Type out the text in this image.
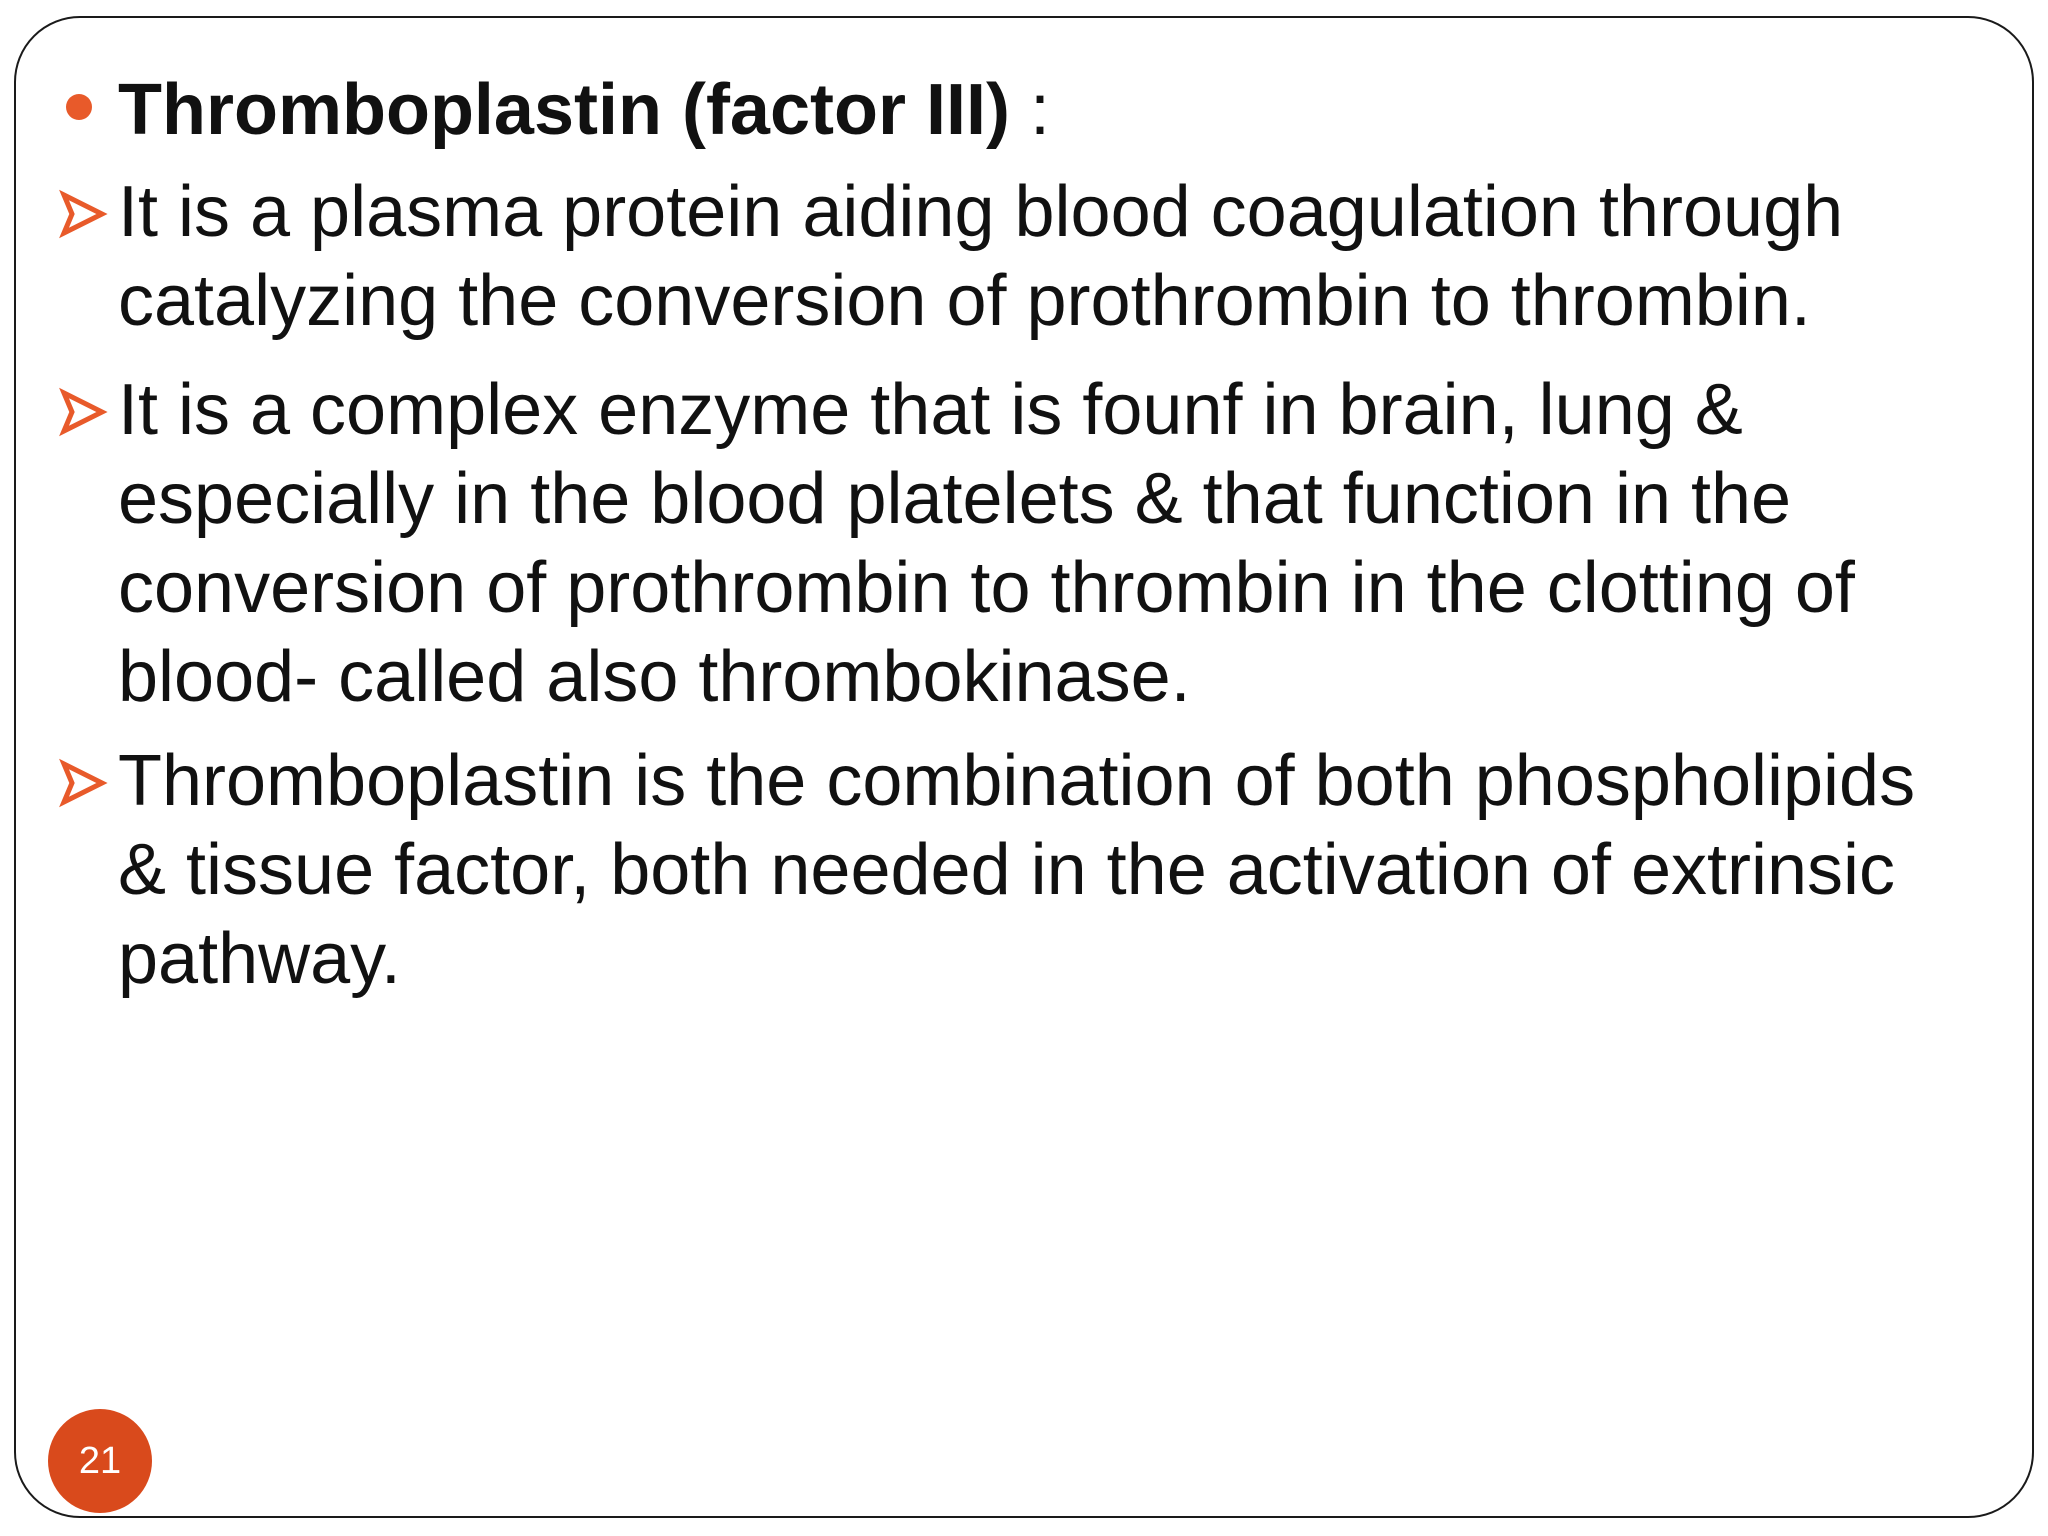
Thromboplastin (factor III) :
It is a plasma protein aiding blood coagulation through
catalyzing the conversion of prothrombin to thrombin.
It is a complex enzyme that is founf in brain, lung &
especially in the blood platelets & that function in the
conversion of prothrombin to thrombin in the clotting of
blood- called also thrombokinase.
Thromboplastin is the combination of both phospholipids
& tissue factor, both needed in the activation of extrinsic
pathway.
21
